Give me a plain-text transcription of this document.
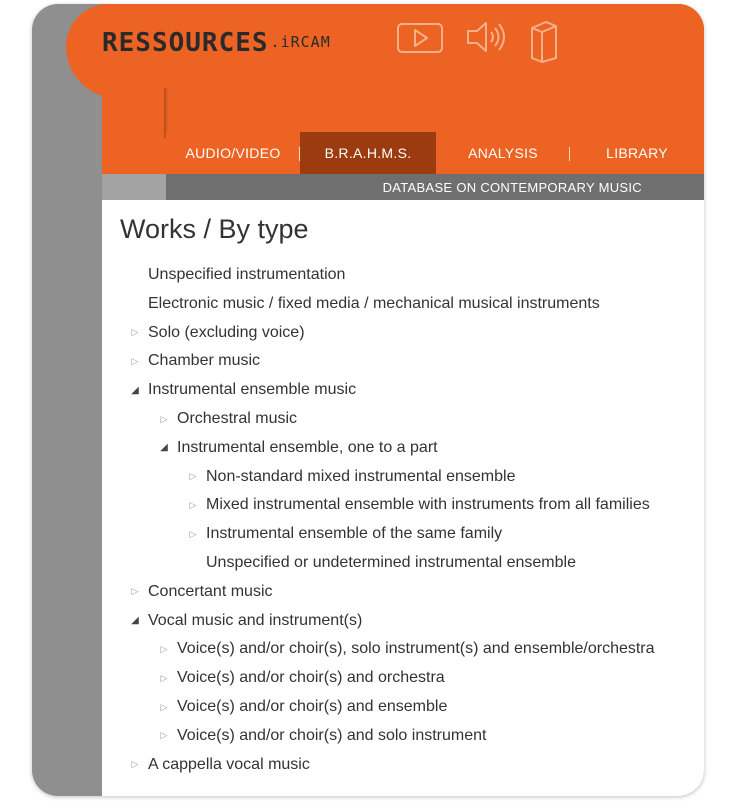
RESSOURCES .iRCAM
AUDIO/VIDEO	B.R.A.H.M.S.	ANALYSIS	LIBRARY
DATABASE ON CONTEMPORARY MUSIC
Works / By type
Unspecified instrumentation
Electronic music / fixed media / mechanical musical instruments
▷ Solo (excluding voice)
▷ Chamber music
◢ Instrumental ensemble music
▷ Orchestral music
◢ Instrumental ensemble, one to a part
▷ Non-standard mixed instrumental ensemble
▷ Mixed instrumental ensemble with instruments from all families
▷ Instrumental ensemble of the same family
Unspecified or undetermined instrumental ensemble
▷ Concertant music
◢ Vocal music and instrument(s)
▷ Voice(s) and/or choir(s), solo instrument(s) and ensemble/orchestra
▷ Voice(s) and/or choir(s) and orchestra
▷ Voice(s) and/or choir(s) and ensemble
▷ Voice(s) and/or choir(s) and solo instrument
▷ A cappella vocal music
